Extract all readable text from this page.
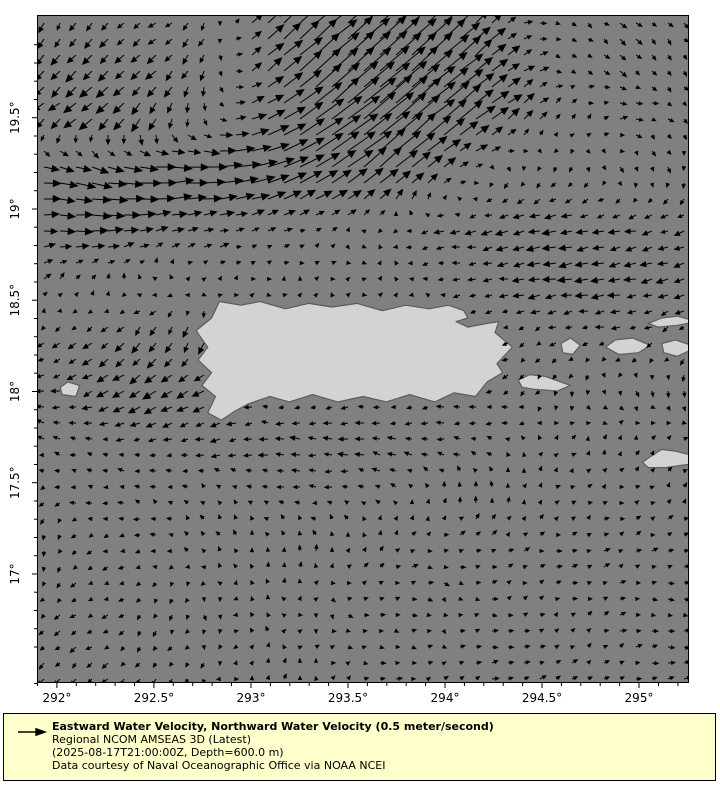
292°	292.5°	293°	293.5°	294°	294.5°	295°
19.5°
19°
18.5°
18°
17.5°
17°
Eastward Water Velocity, Northward Water Velocity (0.5 meter/second)
Regional NCOM AMSEAS 3D (Latest)
(2025-08-17T21:00:00Z, Depth=600.0 m)
Data courtesy of Naval Oceanographic Office via NOAA NCEI
